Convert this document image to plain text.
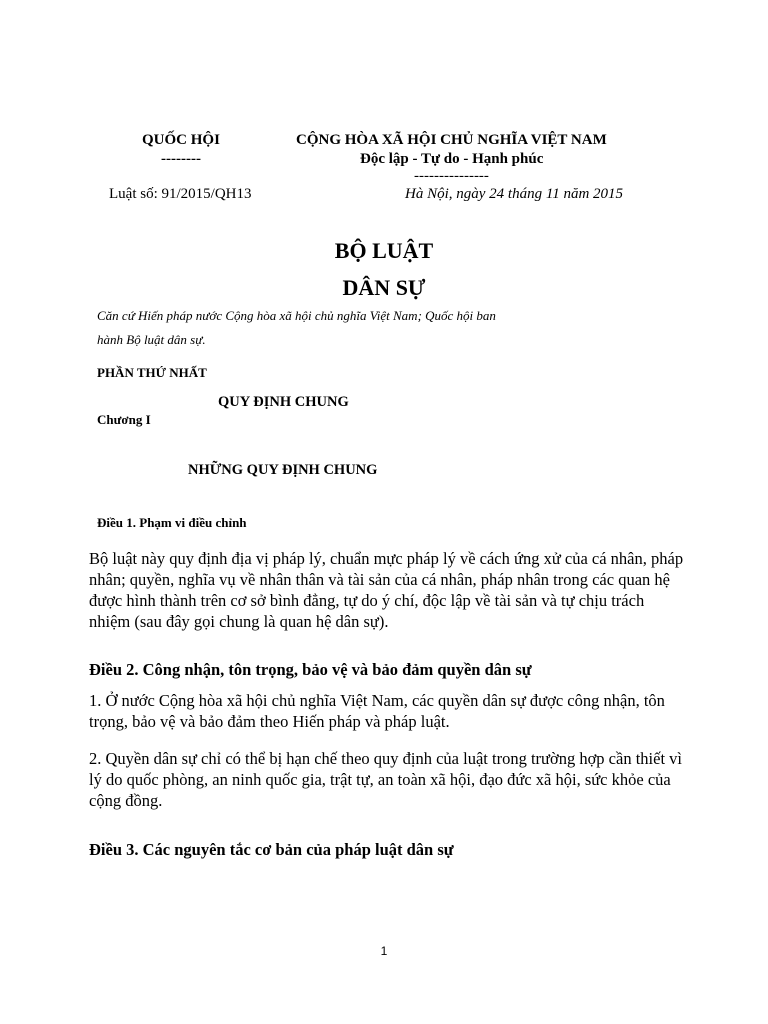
QUỐC HỘI
--------
Luật số: 91/2015/QH13
CỘNG HÒA XÃ HỘI CHỦ NGHĨA VIỆT NAM
Độc lập - Tự do - Hạnh phúc
---------------
Hà Nội, ngày 24 tháng 11 năm 2015
BỘ LUẬT
DÂN SỰ
Căn cứ Hiến pháp nước Cộng hòa xã hội chủ nghĩa Việt Nam; Quốc hội ban hành Bộ luật dân sự.
PHẦN THỨ NHẤT
QUY ĐỊNH CHUNG
Chương I
NHỮNG QUY ĐỊNH CHUNG
Điều 1. Phạm vi điều chỉnh
Bộ luật này quy định địa vị pháp lý, chuẩn mực pháp lý về cách ứng xử của cá nhân, pháp nhân; quyền, nghĩa vụ về nhân thân và tài sản của cá nhân, pháp nhân trong các quan hệ được hình thành trên cơ sở bình đẳng, tự do ý chí, độc lập về tài sản và tự chịu trách nhiệm (sau đây gọi chung là quan hệ dân sự).
Điều 2. Công nhận, tôn trọng, bảo vệ và bảo đảm quyền dân sự
1. Ở nước Cộng hòa xã hội chủ nghĩa Việt Nam, các quyền dân sự được công nhận, tôn trọng, bảo vệ và bảo đảm theo Hiến pháp và pháp luật.
2. Quyền dân sự chỉ có thể bị hạn chế theo quy định của luật trong trường hợp cần thiết vì lý do quốc phòng, an ninh quốc gia, trật tự, an toàn xã hội, đạo đức xã hội, sức khỏe của cộng đồng.
Điều 3. Các nguyên tắc cơ bản của pháp luật dân sự
1
